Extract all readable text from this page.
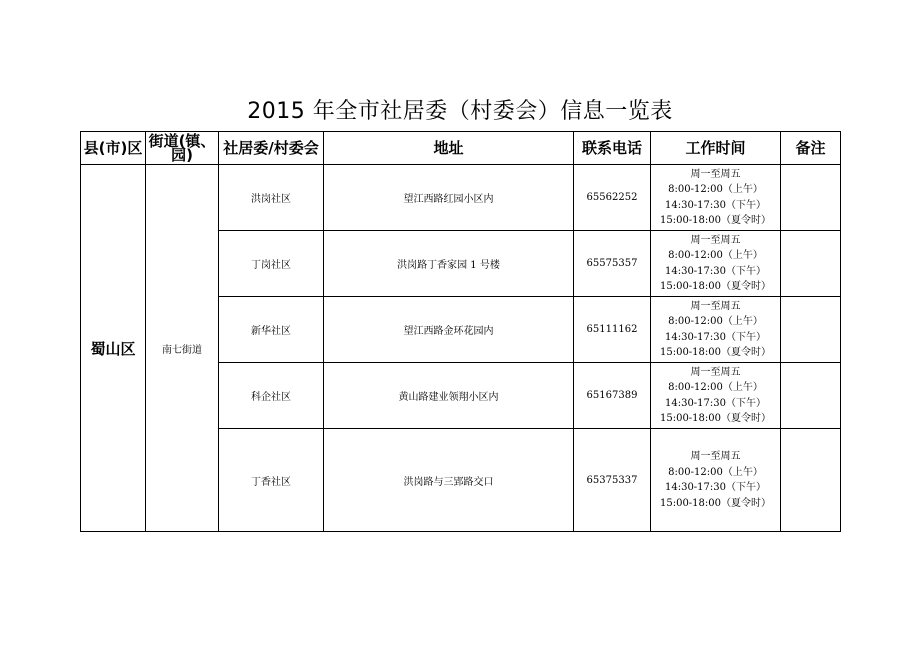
2015 年全市社居委（村委会）信息一览表
县(市)区	街道(镇、园)	社居委/村委会	地址	联系电话	工作时间	备注
蜀山区	南七街道	洪岗社区	望江西路红园小区内	65562252	周一至周五
8:00-12:00（上午）
14:30-17:30（下午）
15:00-18:00（夏令时）	

		丁岗社区	洪岗路丁香家园 1 号楼	65575357	周一至周五
8:00-12:00（上午）
14:30-17:30（下午）
15:00-18:00（夏令时）	

		新华社区	望江西路金环花园内	65111162	周一至周五
8:00-12:00（上午）
14:30-17:30（下午）
15:00-18:00（夏令时）	

		科企社区	黄山路建业领翔小区内	65167389	周一至周五
8:00-12:00（上午）
14:30-17:30（下午）
15:00-18:00（夏令时）	

		丁香社区	洪岗路与三郢路交口	65375337	周一至周五
8:00-12:00（上午）
14:30-17:30（下午）
15:00-18:00（夏令时）	
